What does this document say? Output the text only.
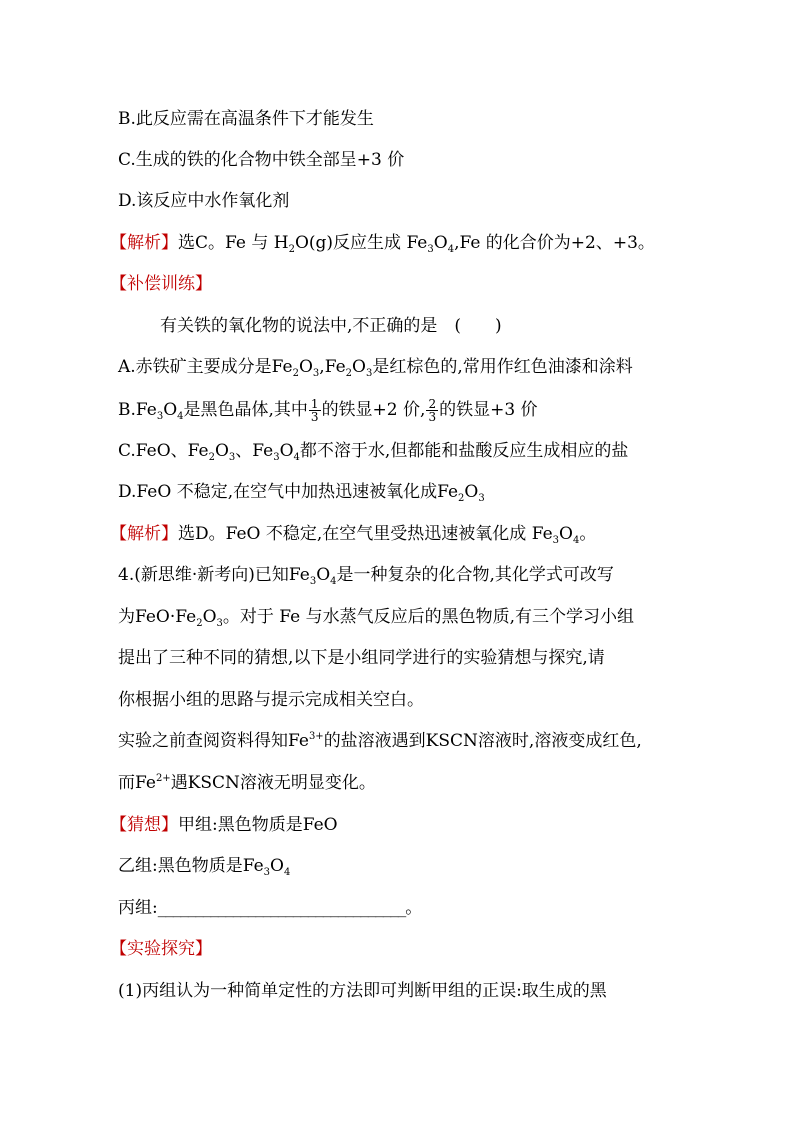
B.此反应需在高温条件下才能发生
C.生成的铁的化合物中铁全部呈+3 价
D.该反应中水作氧化剂
【解析】选C。Fe 与 $H_2O(g)$反应生成 $Fe_3O_4,Fe$ 的化合价为+2、+3。
【补偿训练】
有关铁的氧化物的说法中,不正确的是　(　　)
A.赤铁矿主要成分是$Fe_2O_3,Fe_2O_3$是红棕色的,常用作红色油漆和涂料
$B.Fe_3O_4$是黑色晶体,其中 $\frac{1}{3}$ 的铁显+2 价, $\frac{2}{3}$ 的铁显+3 价
C.FeO、$Fe_2O_3$、$Fe_3O_4$都不溶于水,但都能和盐酸反应生成相应的盐
D.FeO 不稳定,在空气中加热迅速被氧化成$Fe_2O_3$
【解析】选D。FeO 不稳定,在空气里受热迅速被氧化成 $Fe_3O_4$。
4.(新思维·新考向)已知$Fe_3O_4$是一种复杂的化合物,其化学式可改写
为$FeO\cdot Fe_2O_3$。对于 Fe 与水蒸气反应后的黑色物质,有三个学习小组
提出了三种不同的猜想,以下是小组同学进行的实验猜想与探究,请
你根据小组的思路与提示完成相关空白。
实验之前查阅资料得知$Fe^{3+}$的盐溶液遇到KSCN溶液时,溶液变成红色,
而$Fe^{2+}$遇KSCN溶液无明显变化。
【猜想】甲组:黑色物质是FeO
乙组:黑色物质是$Fe_3O_4$
丙组:_________________________________。
【实验探究】
(1)丙组认为一种简单定性的方法即可判断甲组的正误:取生成的黑
